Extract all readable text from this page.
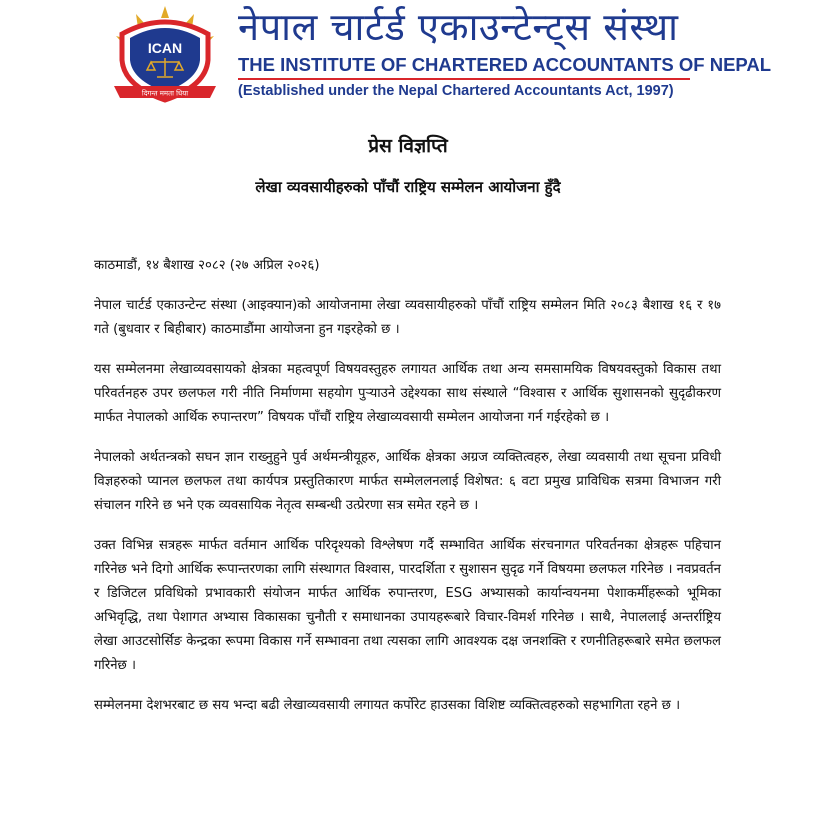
ICAN
दिगन्त ममता धिया
नेपाल चार्टर्ड एकाउन्टेन्ट्स संस्था
THE INSTITUTE OF CHARTERED ACCOUNTANTS OF NEPAL
(Established under the Nepal Chartered Accountants Act, 1997)
प्रेस विज्ञप्ति
लेखा व्यवसायीहरुको पाँचौं राष्ट्रिय सम्मेलन आयोजना हुँदै

काठमाडौं, १४ बैशाख २०८२ (२७ अप्रिल २०२६)

नेपाल चार्टर्ड एकाउन्टेन्ट संस्था (आइक्यान)को आयोजनामा लेखा व्यवसायीहरुको पाँचौं राष्ट्रिय सम्मेलन मिति २०८३ बैशाख १६ र १७ गते (बुधवार र बिहीबार) काठमाडौंमा आयोजना हुन गइरहेको छ ।

यस सम्मेलनमा लेखाव्यवसायको क्षेत्रका महत्वपूर्ण विषयवस्तुहरु लगायत आर्थिक तथा अन्य समसामयिक विषयवस्तुको विकास तथा परिवर्तनहरु उपर छलफल गरी नीति निर्माणमा सहयोग पुऱ्याउने उद्देश्यका साथ संस्थाले “विश्वास र आर्थिक सुशासनको सुदृढीकरण मार्फत नेपालको आर्थिक रुपान्तरण” विषयक पाँचौं राष्ट्रिय लेखाव्यवसायी सम्मेलन आयोजना गर्न गईरहेको छ ।

नेपालको अर्थतन्त्रको सघन ज्ञान राख्नुहुने पुर्व अर्थमन्त्रीयूहरु, आर्थिक क्षेत्रका अग्रज व्यक्तित्वहरु, लेखा व्यवसायी तथा सूचना प्रविधी विज्ञहरुको प्यानल छलफल तथा कार्यपत्र प्रस्तुतिकारण मार्फत सम्मेललनलाई विशेषत: ६ वटा प्रमुख प्राविधिक सत्रमा विभाजन गरी संचालन गरिने छ भने एक व्यवसायिक नेतृत्व सम्बन्धी उत्प्रेरणा सत्र समेत रहने छ ।

उक्त विभिन्न सत्रहरू मार्फत वर्तमान आर्थिक परिदृश्यको विश्लेषण गर्दै सम्भावित आर्थिक संरचनागत परिवर्तनका क्षेत्रहरू पहिचान गरिनेछ भने दिगो आर्थिक रूपान्तरणका लागि संस्थागत विश्वास, पारदर्शिता र सुशासन सुदृढ गर्ने विषयमा छलफल गरिनेछ । नवप्रवर्तन र डिजिटल प्रविधिको प्रभावकारी संयोजन मार्फत आर्थिक रुपान्तरण, ESG अभ्यासको कार्यान्वयनमा पेशाकर्मीहरूको भूमिका अभिवृद्धि, तथा पेशागत अभ्यास विकासका चुनौती र समाधानका उपायहरूबारे विचार-विमर्श गरिनेछ । साथै, नेपाललाई अन्तर्राष्ट्रिय लेखा आउटसोर्सिङ केन्द्रका रूपमा विकास गर्ने सम्भावना तथा त्यसका लागि आवश्यक दक्ष जनशक्ति र रणनीतिहरूबारे समेत छलफल गरिनेछ ।

सम्मेलनमा देशभरबाट छ सय भन्दा बढी लेखाव्यवसायी लगायत कर्पोरेट हाउसका विशिष्ट व्यक्तित्वहरुको सहभागिता रहने छ ।
